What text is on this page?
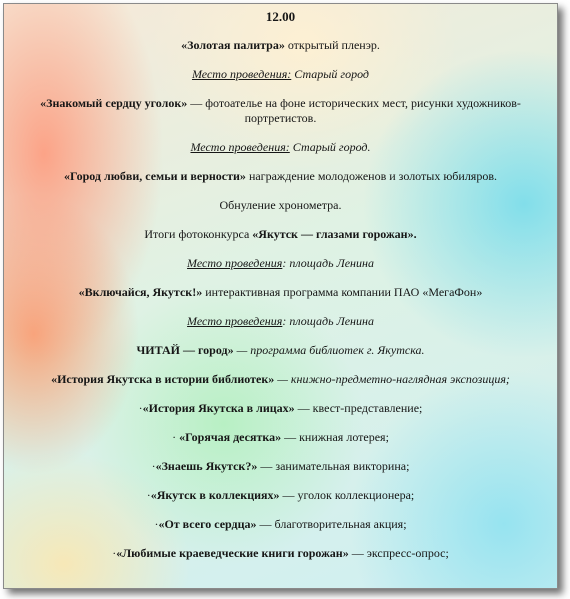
12.00
«Золотая палитра» открытый пленэр.
Место проведения: Старый город
«Знакомый сердцу уголок» — фотоателье на фоне исторических мест, рисунки художников-портретистов.
Место проведения: Старый город.
«Город любви, семьи и верности» награждение молодоженов и золотых юбиляров.
Обнуление хронометра.
Итоги фотоконкурса «Якутск — глазами горожан».
Место проведения: площадь Ленина
«Включайся, Якутск!» интерактивная программа компании ПАО «МегаФон»
Место проведения: площадь Ленина
ЧИТАЙ — город» — программа библиотек г. Якутска.
«История Якутска в истории библиотек» — книжно-предметно-наглядная экспозиция;
·«История Якутска в лицах» — квест-представление;
· «Горячая десятка» — книжная лотерея;
·«Знаешь Якутск?» — занимательная викторина;
·«Якутск в коллекциях» — уголок коллекционера;
·«От всего сердца» — благотворительная акция;
·«Любимые краеведческие книги горожан» — экспресс-опрос;
